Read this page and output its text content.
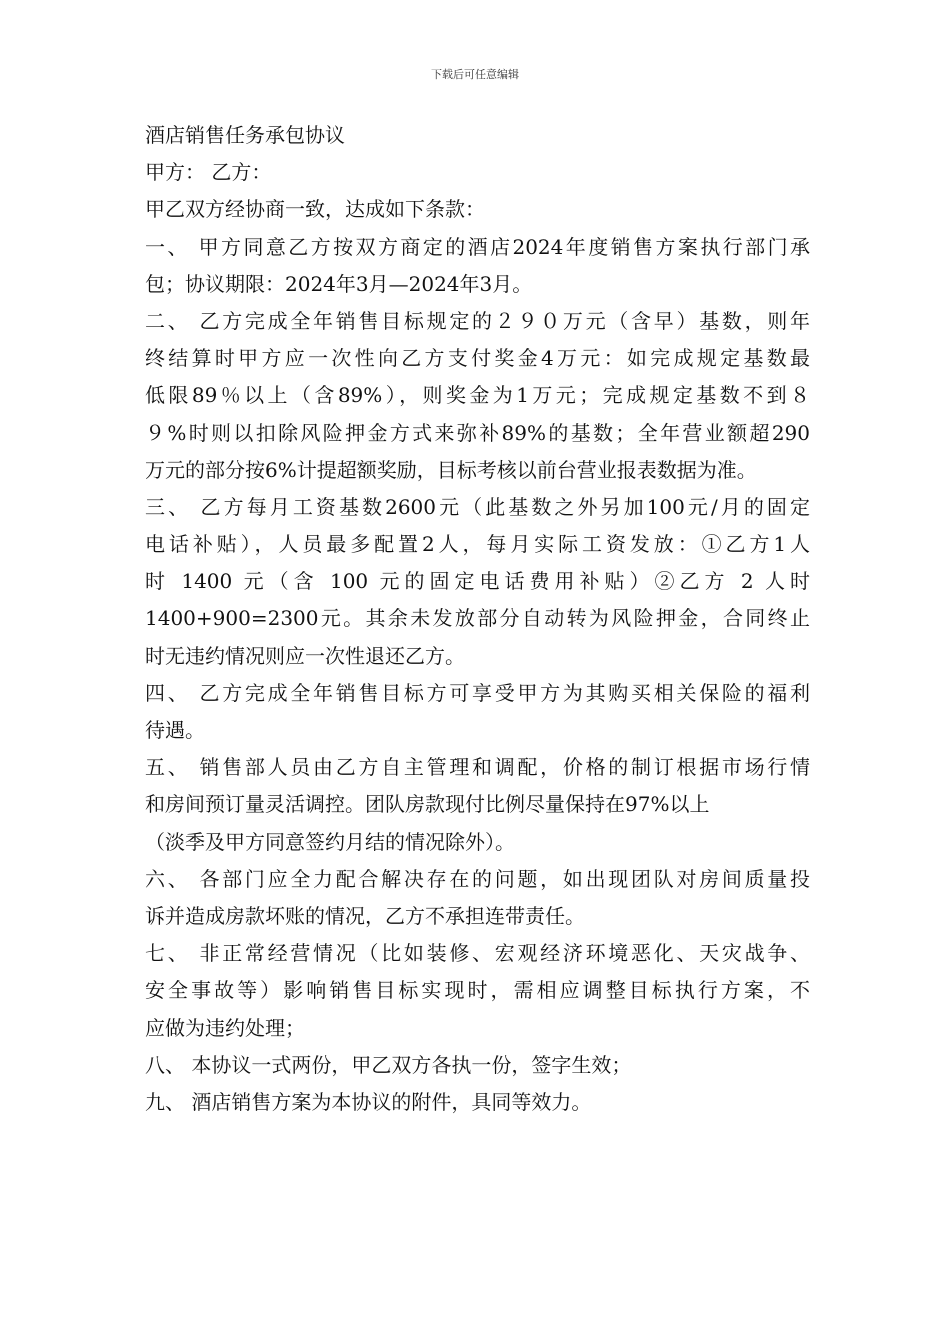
下载后可任意编辑
酒店销售任务承包协议
甲方： 乙方：
甲乙双方经协商一致，达成如下条款：
一、 甲方同意乙方按双方商定的酒店2024年度销售方案执行部门承
包；协议期限：2024年3月—2024年3月。
二、 乙方完成全年销售目标规定的２９０万元（含早）基数，则年
终结算时甲方应一次性向乙方支付奖金4万元：如完成规定基数最
低限89％以上（含89%），则奖金为1万元；完成规定基数不到８
９%时则以扣除风险押金方式来弥补89%的基数；全年营业额超290
万元的部分按6%计提超额奖励，目标考核以前台营业报表数据为准。
三、 乙方每月工资基数2600元（此基数之外另加100元/月的固定
电话补贴），人员最多配置2人，每月实际工资发放：①乙方1人
时 1400 元（含 100 元的固定电话费用补贴）②乙方 2 人时
1400+900=2300元。其余未发放部分自动转为风险押金，合同终止
时无违约情况则应一次性退还乙方。
四、 乙方完成全年销售目标方可享受甲方为其购买相关保险的福利
待遇。
五、 销售部人员由乙方自主管理和调配，价格的制订根据市场行情
和房间预订量灵活调控。团队房款现付比例尽量保持在97%以上
（淡季及甲方同意签约月结的情况除外）。
六、 各部门应全力配合解决存在的问题，如出现团队对房间质量投
诉并造成房款坏账的情况，乙方不承担连带责任。
七、 非正常经营情况（比如装修、宏观经济环境恶化、天灾战争、
安全事故等）影响销售目标实现时，需相应调整目标执行方案，不
应做为违约处理；
八、 本协议一式两份，甲乙双方各执一份，签字生效；
九、 酒店销售方案为本协议的附件，具同等效力。
